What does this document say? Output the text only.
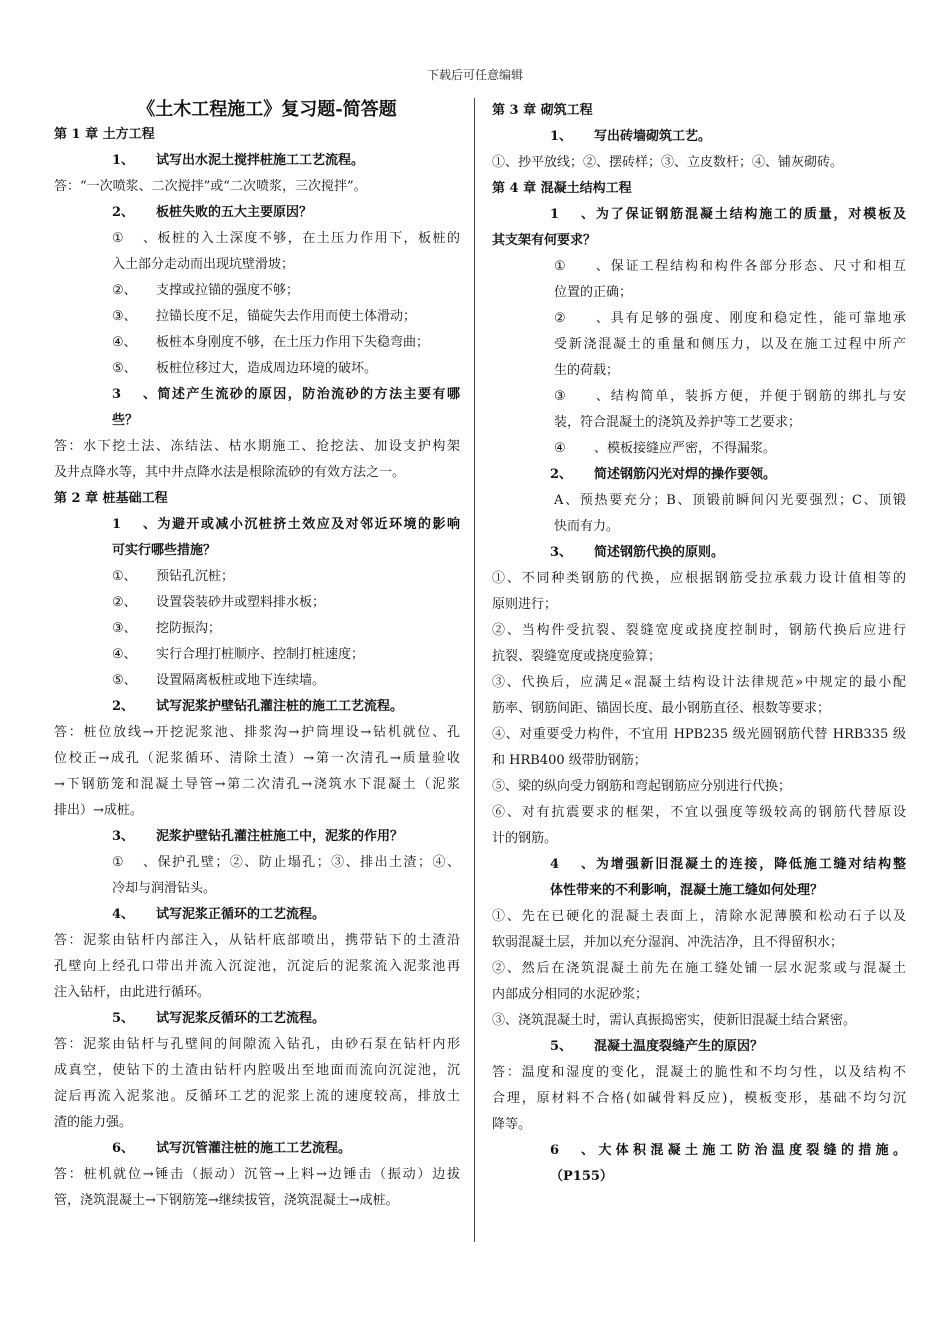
下载后可任意编辑
《土木工程施工》复习题-简答题
第 1 章 土方工程
1、 试写出水泥土搅拌桩施工工艺流程。
答：“一次喷浆、二次搅拌”或“二次喷浆，三次搅拌”。
2、 板桩失败的五大主要原因？
①、板桩的入土深度不够，在土压力作用下，板桩的
入土部分走动而出现坑壁滑坡；
②、 支撑或拉锚的强度不够；
③、 拉锚长度不足，锚碇失去作用而使土体滑动；
④、 板桩本身刚度不够，在土压力作用下失稳弯曲；
⑤、 板桩位移过大，造成周边环境的破坏。
3、简述产生流砂的原因，防治流砂的方法主要有哪
些？
答：水下挖土法、冻结法、枯水期施工、抢挖法、加设支护构架
及井点降水等，其中井点降水法是根除流砂的有效方法之一。
第 2 章 桩基础工程
1、为避开或减小沉桩挤土效应及对邻近环境的影响
可实行哪些措施？
①、 预钻孔沉桩；
②、 设置袋装砂井或塑料排水板；
③、 挖防振沟；
④、 实行合理打桩顺序、控制打桩速度；
⑤、 设置隔离板桩或地下连续墙。
2、 试写泥浆护壁钻孔灌注桩的施工工艺流程。
答：桩位放线→开挖泥浆池、排浆沟→护筒埋设→钻机就位、孔
位校正→成孔（泥浆循环、清除土渣）→第一次清孔→质量验收
→下钢筋笼和混凝土导管→第二次清孔→浇筑水下混凝土（泥浆
排出）→成桩。
3、 泥浆护壁钻孔灌注桩施工中，泥浆的作用？
①、保护孔壁；②、防止塌孔；③、排出土渣；④、
冷却与润滑钻头。
4、 试写泥浆正循环的工艺流程。
答：泥浆由钻杆内部注入，从钻杆底部喷出，携带钻下的土渣沿
孔壁向上经孔口带出并流入沉淀池，沉淀后的泥浆流入泥浆池再
注入钻杆，由此进行循环。
5、 试写泥浆反循环的工艺流程。
答：泥浆由钻杆与孔壁间的间隙流入钻孔，由砂石泵在钻杆内形
成真空，使钻下的土渣由钻杆内腔吸出至地面而流向沉淀池，沉
淀后再流入泥浆池。反循环工艺的泥浆上流的速度较高，排放土
渣的能力强。
6、 试写沉管灌注桩的施工工艺流程。
答：桩机就位→锤击（振动）沉管→上料→边锤击（振动）边拔
管，浇筑混凝土→下钢筋笼→继续拔管，浇筑混凝土→成桩。
第 3 章 砌筑工程
1、 写出砖墙砌筑工艺。
①、抄平放线；②、摆砖样；③、立皮数杆；④、铺灰砌砖。
第 4 章 混凝土结构工程
1、为了保证钢筋混凝土结构施工的质量，对模板及
其支架有何要求？
① 、保证工程结构和构件各部分形态、尺寸和相互
位置的正确；
② 、具有足够的强度、刚度和稳定性，能可靠地承
受新浇混凝土的重量和侧压力，以及在施工过程中所产
生的荷载；
③ 、结构简单，装拆方便，并便于钢筋的绑扎与安
装，符合混凝土的浇筑及养护等工艺要求；
④ 、模板接缝应严密，不得漏浆。
2、 简述钢筋闪光对焊的操作要领。
A、预热要充分；B、顶锻前瞬间闪光要强烈；C、顶锻
快而有力。
3、 简述钢筋代换的原则。
①、不同种类钢筋的代换，应根据钢筋受拉承载力设计值相等的
原则进行；
②、当构件受抗裂、裂缝宽度或挠度控制时，钢筋代换后应进行
抗裂、裂缝宽度或挠度验算；
③、代换后，应满足«混凝土结构设计法律规范»中规定的最小配
筋率、钢筋间距、锚固长度、最小钢筋直径、根数等要求；
④、对重要受力构件，不宜用 HPB235 级光圆钢筋代替 HRB335 级
和 HRB400 级带肋钢筋；
⑤、梁的纵向受力钢筋和弯起钢筋应分别进行代换；
⑥、对有抗震要求的框架，不宜以强度等级较高的钢筋代替原设
计的钢筋。
4、为增强新旧混凝土的连接，降低施工缝对结构整
体性带来的不利影响，混凝土施工缝如何处理？
①、先在已硬化的混凝土表面上，清除水泥薄膜和松动石子以及
软弱混凝土层，并加以充分湿润、冲洗洁净，且不得留积水；
②、然后在浇筑混凝土前先在施工缝处铺一层水泥浆或与混凝土
内部成分相同的水泥砂浆；
③、浇筑混凝土时，需认真振捣密实，使新旧混凝土结合紧密。
5、 混凝土温度裂缝产生的原因？
答：温度和湿度的变化，混凝土的脆性和不均匀性，以及结构不
合理，原材料不合格(如碱骨料反应)，模板变形，基础不均匀沉
降等。
6、大体积混凝土施工防治温度裂缝的措施。
（P155）
